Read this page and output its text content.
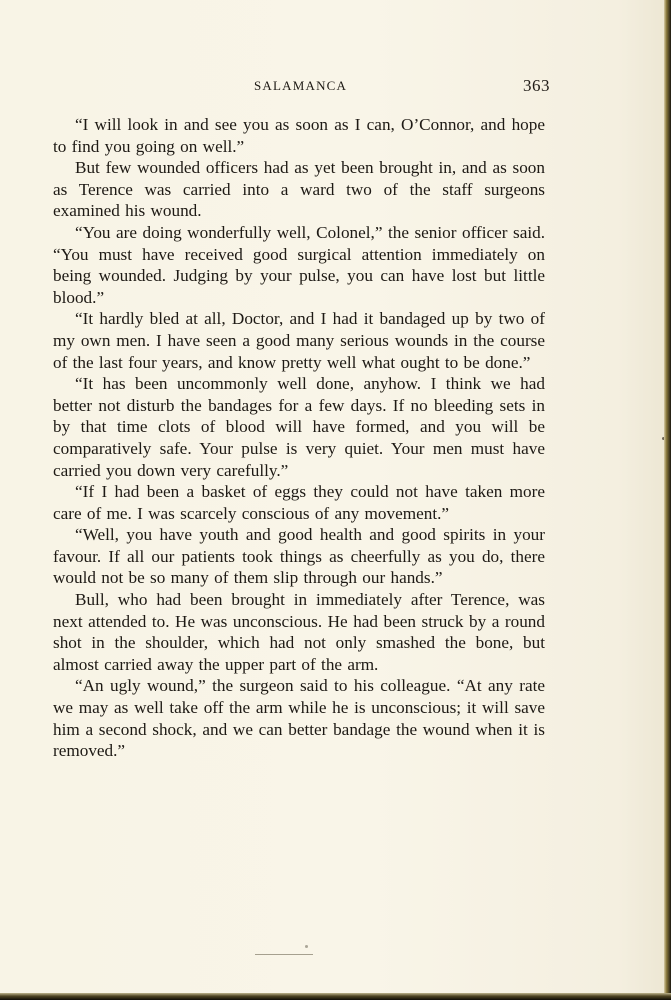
SALAMANCA	363

“I will look in and see you as soon as I can, O’Connor, and hope to find you going on well.”

But few wounded officers had as yet been brought in, and as soon as Terence was carried into a ward two of the staff surgeons examined his wound.

“You are doing wonderfully well, Colonel,” the senior officer said. “You must have received good surgical attention immediately on being wounded. Judging by your pulse, you can have lost but little blood.”

“It hardly bled at all, Doctor, and I had it bandaged up by two of my own men. I have seen a good many serious wounds in the course of the last four years, and know pretty well what ought to be done.”

“It has been uncommonly well done, anyhow. I think we had better not disturb the bandages for a few days. If no bleeding sets in by that time clots of blood will have formed, and you will be comparatively safe. Your pulse is very quiet. Your men must have carried you down very carefully.”

“If I had been a basket of eggs they could not have taken more care of me. I was scarcely conscious of any movement.”

“Well, you have youth and good health and good spirits in your favour. If all our patients took things as cheerfully as you do, there would not be so many of them slip through our hands.”

Bull, who had been brought in immediately after Terence, was next attended to. He was unconscious. He had been struck by a round shot in the shoulder, which had not only smashed the bone, but almost carried away the upper part of the arm.

“An ugly wound,” the surgeon said to his colleague. “At any rate we may as well take off the arm while he is unconscious; it will save him a second shock, and we can better bandage the wound when it is removed.”
